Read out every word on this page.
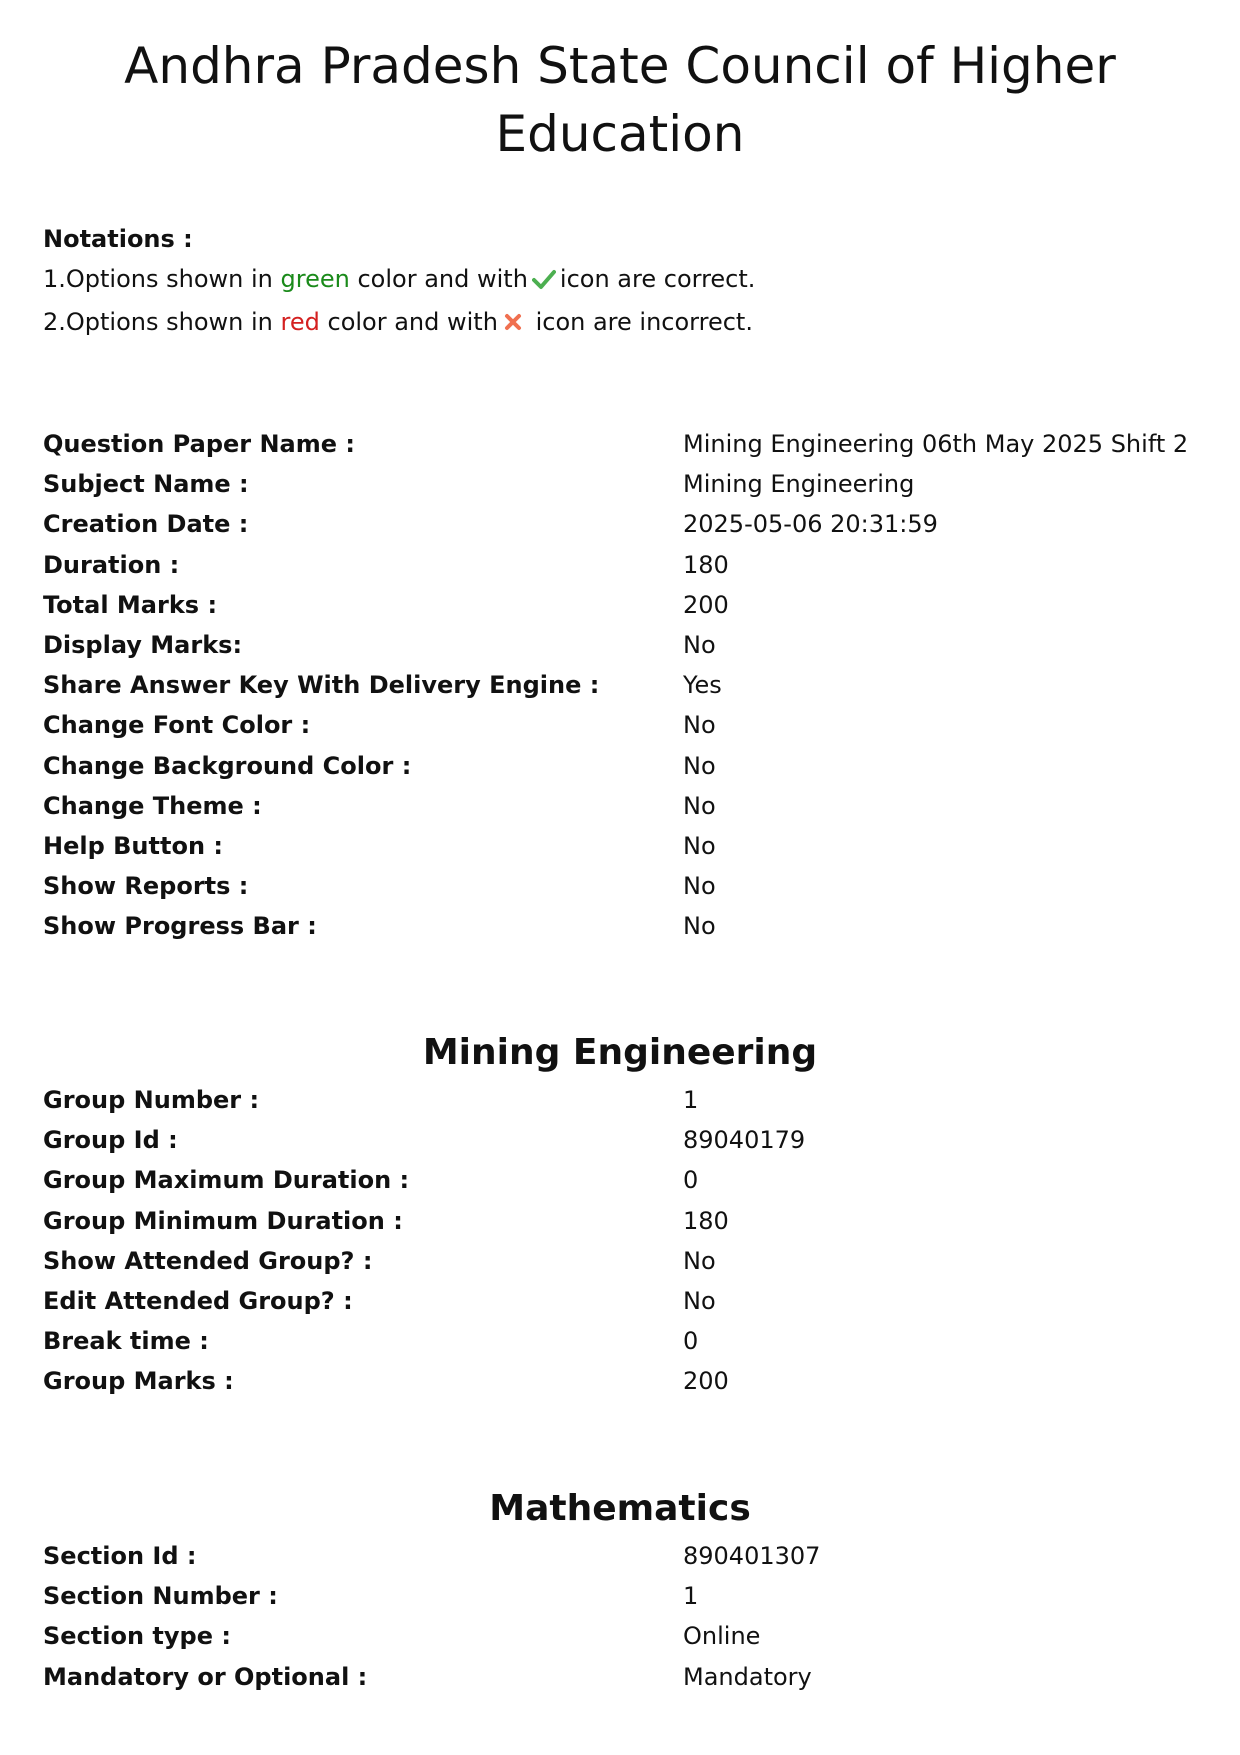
Andhra Pradesh State Council of Higher Education
Notations :
1.Options shown in green color and with icon are correct.
2.Options shown in red color and with icon are incorrect.
Question Paper Name :	Mining Engineering 06th May 2025 Shift 2
Subject Name :	Mining Engineering
Creation Date :	2025-05-06 20:31:59
Duration :	180
Total Marks :	200
Display Marks:	No
Share Answer Key With Delivery Engine :	Yes
Change Font Color :	No
Change Background Color :	No
Change Theme :	No
Help Button :	No
Show Reports :	No
Show Progress Bar :	No
Mining Engineering
Group Number :	1
Group Id :	89040179
Group Maximum Duration :	0
Group Minimum Duration :	180
Show Attended Group? :	No
Edit Attended Group? :	No
Break time :	0
Group Marks :	200
Mathematics
Section Id :	890401307
Section Number :	1
Section type :	Online
Mandatory or Optional :	Mandatory
